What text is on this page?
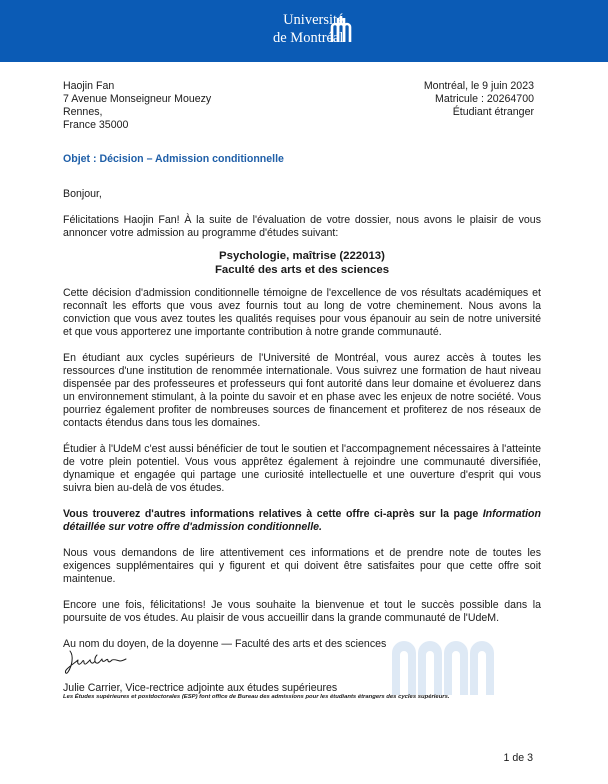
Université
de Montréal
Haojin Fan
7 Avenue Monseigneur Mouezy
Rennes,
France 35000
Montréal, le 9 juin 2023
Matricule : 20264700
Étudiant étranger
Objet : Décision – Admission conditionnelle

Bonjour,

Félicitations Haojin Fan! À la suite de l'évaluation de votre dossier, nous avons le plaisir de vous annoncer votre admission au programme d'études suivant:

Psychologie, maîtrise (222013)
Faculté des arts et des sciences

Cette décision d'admission conditionnelle témoigne de l'excellence de vos résultats académiques et reconnaît les efforts que vous avez fournis tout au long de votre cheminement. Nous avons la conviction que vous avez toutes les qualités requises pour vous épanouir au sein de notre université et que vous apporterez une importante contribution à notre grande communauté.

En étudiant aux cycles supérieurs de l'Université de Montréal, vous aurez accès à toutes les ressources d'une institution de renommée internationale. Vous suivrez une formation de haut niveau dispensée par des professeures et professeurs qui font autorité dans leur domaine et évoluerez dans un environnement stimulant, à la pointe du savoir et en phase avec les enjeux de notre société. Vous pourriez également profiter de nombreuses sources de financement et profiterez de nos réseaux de contacts étendus dans tous les domaines.

Étudier à l'UdeM c'est aussi bénéficier de tout le soutien et l'accompagnement nécessaires à l'atteinte de votre plein potentiel. Vous vous apprêtez également à rejoindre une communauté diversifiée, dynamique et engagée qui partage une curiosité intellectuelle et une ouverture d'esprit qui vous suivra bien au-delà de vos études.

Vous trouverez d'autres informations relatives à cette offre ci-après sur la page Information détaillée sur votre offre d'admission conditionnelle.

Nous vous demandons de lire attentivement ces informations et de prendre note de toutes les exigences supplémentaires qui y figurent et qui doivent être satisfaites pour que cette offre soit maintenue.

Encore une fois, félicitations! Je vous souhaite la bienvenue et tout le succès possible dans la poursuite de vos études. Au plaisir de vous accueillir dans la grande communauté de l'UdeM.

Au nom du doyen, de la doyenne — Faculté des arts et des sciences

Julie Carrier, Vice-rectrice adjointe aux études supérieures
Les Études supérieures et postdoctorales (ESP) font office de Bureau des admissions pour les étudiants étrangers des cycles supérieurs.
1 de 3
